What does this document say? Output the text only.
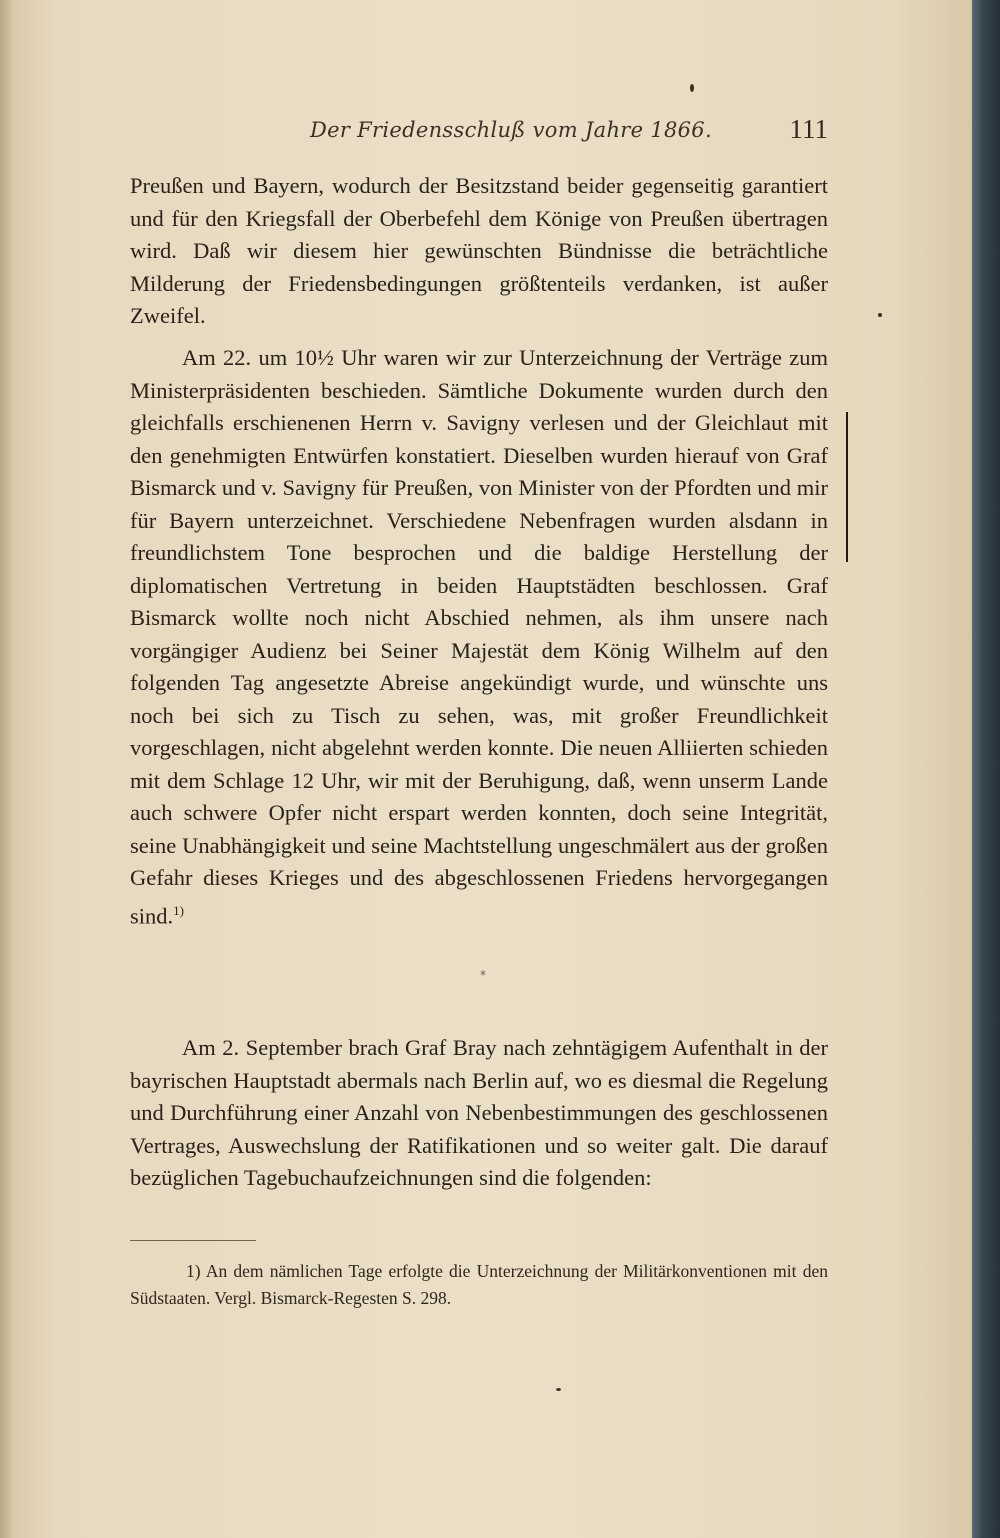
Der Friedensschluß vom Jahre 1866.	111
Preußen und Bayern, wodurch der Besitzstand beider gegenseitig garantiert und für den Kriegsfall der Oberbefehl dem Könige von Preußen übertragen wird. Daß wir diesem hier gewünschten Bündnisse die beträchtliche Milderung der Friedensbedingungen größtenteils verdanken, ist außer Zweifel.
Am 22. um 10½ Uhr waren wir zur Unterzeichnung der Verträge zum Ministerpräsidenten beschieden. Sämtliche Dokumente wurden durch den gleichfalls erschienenen Herrn v. Savigny verlesen und der Gleichlaut mit den genehmigten Entwürfen konstatiert. Dieselben wurden hierauf von Graf Bismarck und v. Savigny für Preußen, von Minister von der Pfordten und mir für Bayern unterzeichnet. Verschiedene Nebenfragen wurden alsdann in freundlichstem Tone besprochen und die baldige Herstellung der diplomatischen Vertretung in beiden Hauptstädten beschlossen. Graf Bismarck wollte noch nicht Abschied nehmen, als ihm unsere nach vorgängiger Audienz bei Seiner Majestät dem König Wilhelm auf den folgenden Tag angesetzte Abreise angekündigt wurde, und wünschte uns noch bei sich zu Tisch zu sehen, was, mit großer Freundlichkeit vorgeschlagen, nicht abgelehnt werden konnte. Die neuen Alliierten schieden mit dem Schlage 12 Uhr, wir mit der Beruhigung, daß, wenn unserm Lande auch schwere Opfer nicht erspart werden konnten, doch seine Integrität, seine Unabhängigkeit und seine Machtstellung ungeschmälert aus der großen Gefahr dieses Krieges und des abgeschlossenen Friedens hervorgegangen sind.$^{1)}$
*
Am 2. September brach Graf Bray nach zehntägigem Aufenthalt in der bayrischen Hauptstadt abermals nach Berlin auf, wo es diesmal die Regelung und Durchführung einer Anzahl von Nebenbestimmungen des geschlossenen Vertrages, Auswechslung der Ratifikationen und so weiter galt. Die darauf bezüglichen Tagebuchaufzeichnungen sind die folgenden:
1) An dem nämlichen Tage erfolgte die Unterzeichnung der Militärkonventionen mit den Südstaaten. Vergl. Bismarck-Regesten S. 298.
